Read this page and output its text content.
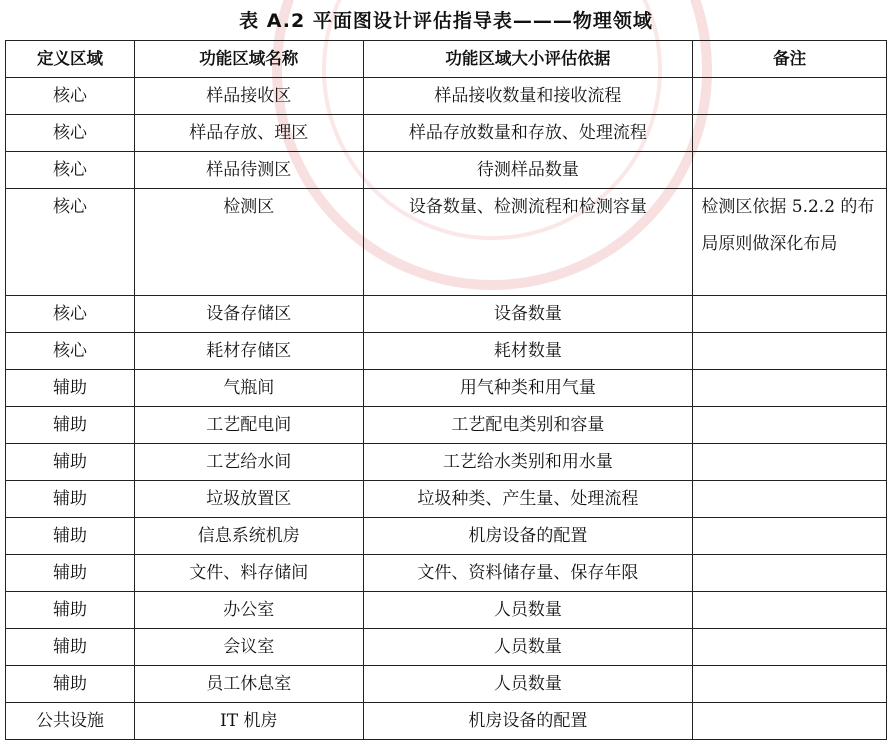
表 A.2 平面图设计评估指导表———物理领域
定义区域	功能区域名称	功能区域大小评估依据	备注
核心	样品接收区	样品接收数量和接收流程	
核心	样品存放、理区	样品存放数量和存放、处理流程	
核心	样品待测区	待测样品数量	
核心	检测区	设备数量、检测流程和检测容量	检测区依据 5.2.2 的布局原则做深化布局
核心	设备存储区	设备数量	
核心	耗材存储区	耗材数量	
辅助	气瓶间	用气种类和用气量	
辅助	工艺配电间	工艺配电类别和容量	
辅助	工艺给水间	工艺给水类别和用水量	
辅助	垃圾放置区	垃圾种类、产生量、处理流程	
辅助	信息系统机房	机房设备的配置	
辅助	文件、料存储间	文件、资料储存量、保存年限	
辅助	办公室	人员数量	
辅助	会议室	人员数量	
辅助	员工休息室	人员数量	
公共设施	IT 机房	机房设备的配置	
